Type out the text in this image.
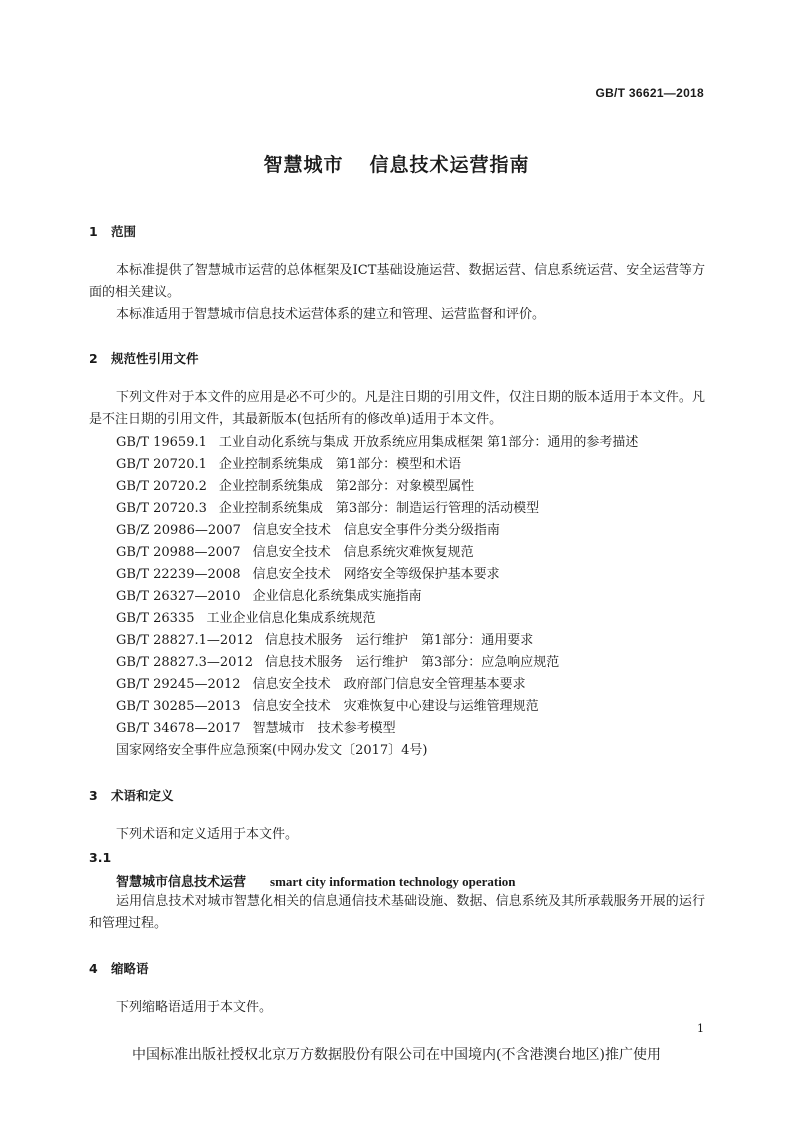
GB/T 36621—2018
智慧城市 信息技术运营指南
1 范围
本标准提供了智慧城市运营的总体框架及ICT基础设施运营、数据运营、信息系统运营、安全运营等方面的相关建议。
本标准适用于智慧城市信息技术运营体系的建立和管理、运营监督和评价。
2 规范性引用文件
下列文件对于本文件的应用是必不可少的。凡是注日期的引用文件，仅注日期的版本适用于本文件。凡是不注日期的引用文件，其最新版本(包括所有的修改单)适用于本文件。
GB/T 19659.1 工业自动化系统与集成 开放系统应用集成框架 第1部分：通用的参考描述
GB/T 20720.1 企业控制系统集成　第1部分：模型和术语
GB/T 20720.2 企业控制系统集成　第2部分：对象模型属性
GB/T 20720.3 企业控制系统集成　第3部分：制造运行管理的活动模型
GB/Z 20986—2007 信息安全技术　信息安全事件分类分级指南
GB/T 20988—2007 信息安全技术　信息系统灾难恢复规范
GB/T 22239—2008 信息安全技术　网络安全等级保护基本要求
GB/T 26327—2010 企业信息化系统集成实施指南
GB/T 26335 工业企业信息化集成系统规范
GB/T 28827.1—2012 信息技术服务　运行维护　第1部分：通用要求
GB/T 28827.3—2012 信息技术服务　运行维护　第3部分：应急响应规范
GB/T 29245—2012 信息安全技术　政府部门信息安全管理基本要求
GB/T 30285—2013 信息安全技术　灾难恢复中心建设与运维管理规范
GB/T 34678—2017 智慧城市　技术参考模型
国家网络安全事件应急预案(中网办发文〔2017〕4号)
3 术语和定义
下列术语和定义适用于本文件。
3.1
智慧城市信息技术运营 smart city information technology operation
运用信息技术对城市智慧化相关的信息通信技术基础设施、数据、信息系统及其所承载服务开展的运行和管理过程。
4 缩略语
下列缩略语适用于本文件。
1
中国标准出版社授权北京万方数据股份有限公司在中国境内(不含港澳台地区)推广使用
